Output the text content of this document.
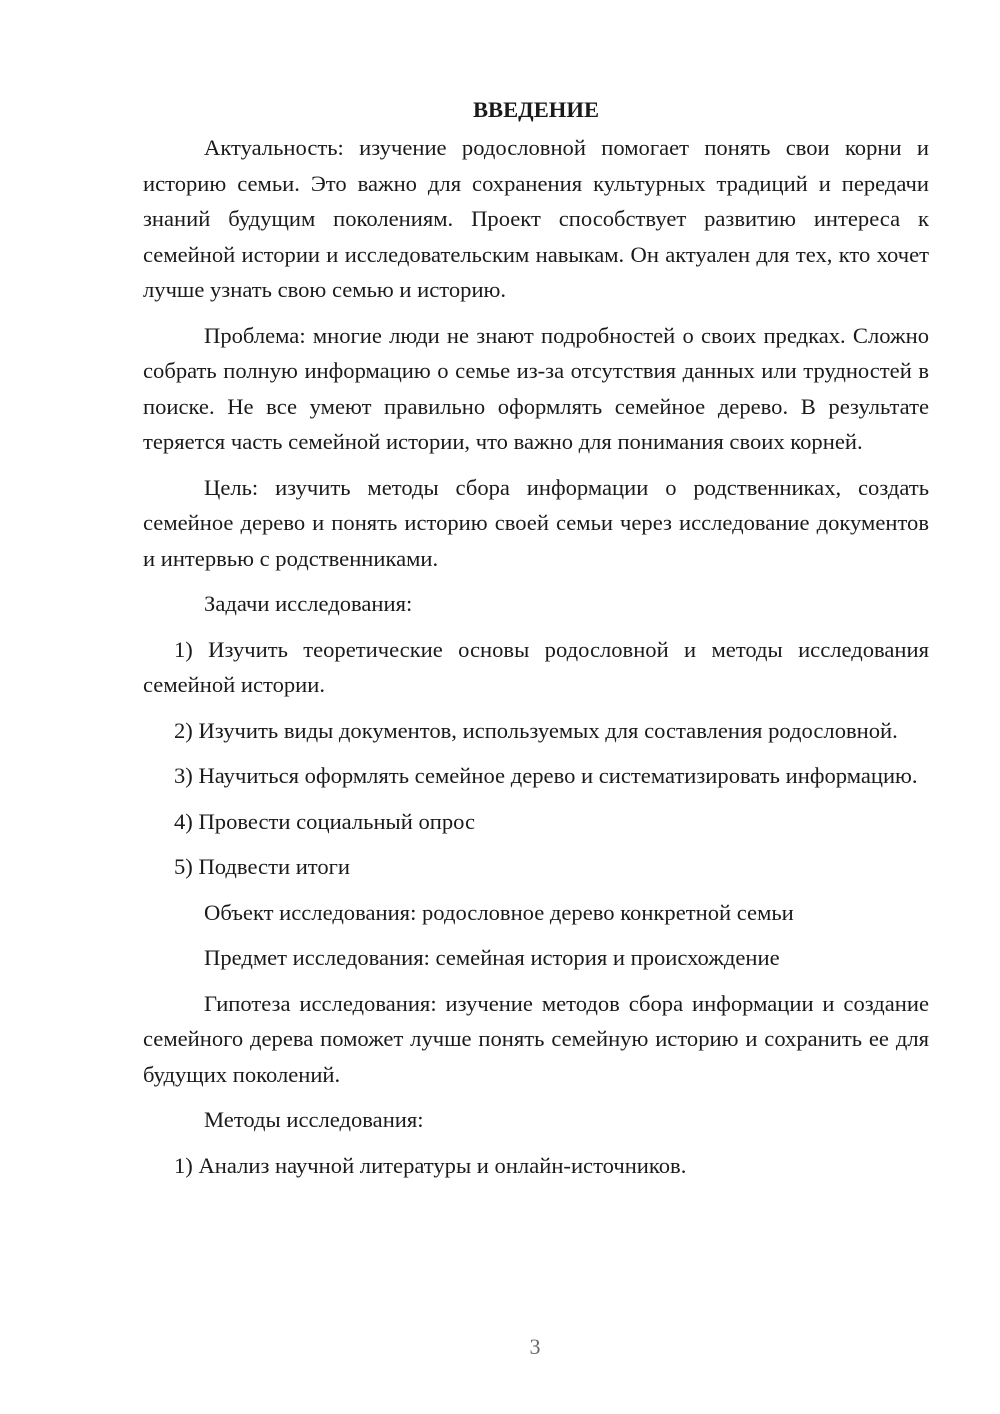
ВВЕДЕНИЕ

Актуальность: изучение родословной помогает понять свои корни и историю семьи. Это важно для сохранения культурных традиций и передачи знаний будущим поколениям. Проект способствует развитию интереса к семейной истории и исследовательским навыкам. Он актуален для тех, кто хочет лучше узнать свою семью и историю.

Проблема: многие люди не знают подробностей о своих предках. Сложно собрать полную информацию о семье из-за отсутствия данных или трудностей в поиске. Не все умеют правильно оформлять семейное дерево. В результате теряется часть семейной истории, что важно для понимания своих корней.

Цель: изучить методы сбора информации о родственниках, создать семейное дерево и понять историю своей семьи через исследование документов и интервью с родственниками.

Задачи исследования:

1) Изучить теоретические основы родословной и методы исследования семейной истории.

2) Изучить виды документов, используемых для составления родословной.

3) Научиться оформлять семейное дерево и систематизировать информацию.

4) Провести социальный опрос

5) Подвести итоги

Объект исследования: родословное дерево конкретной семьи

Предмет исследования: семейная история и происхождение

Гипотеза исследования: изучение методов сбора информации и создание семейного дерева поможет лучше понять семейную историю и сохранить ее для будущих поколений.

Методы исследования:

1) Анализ научной литературы и онлайн-источников.

3
